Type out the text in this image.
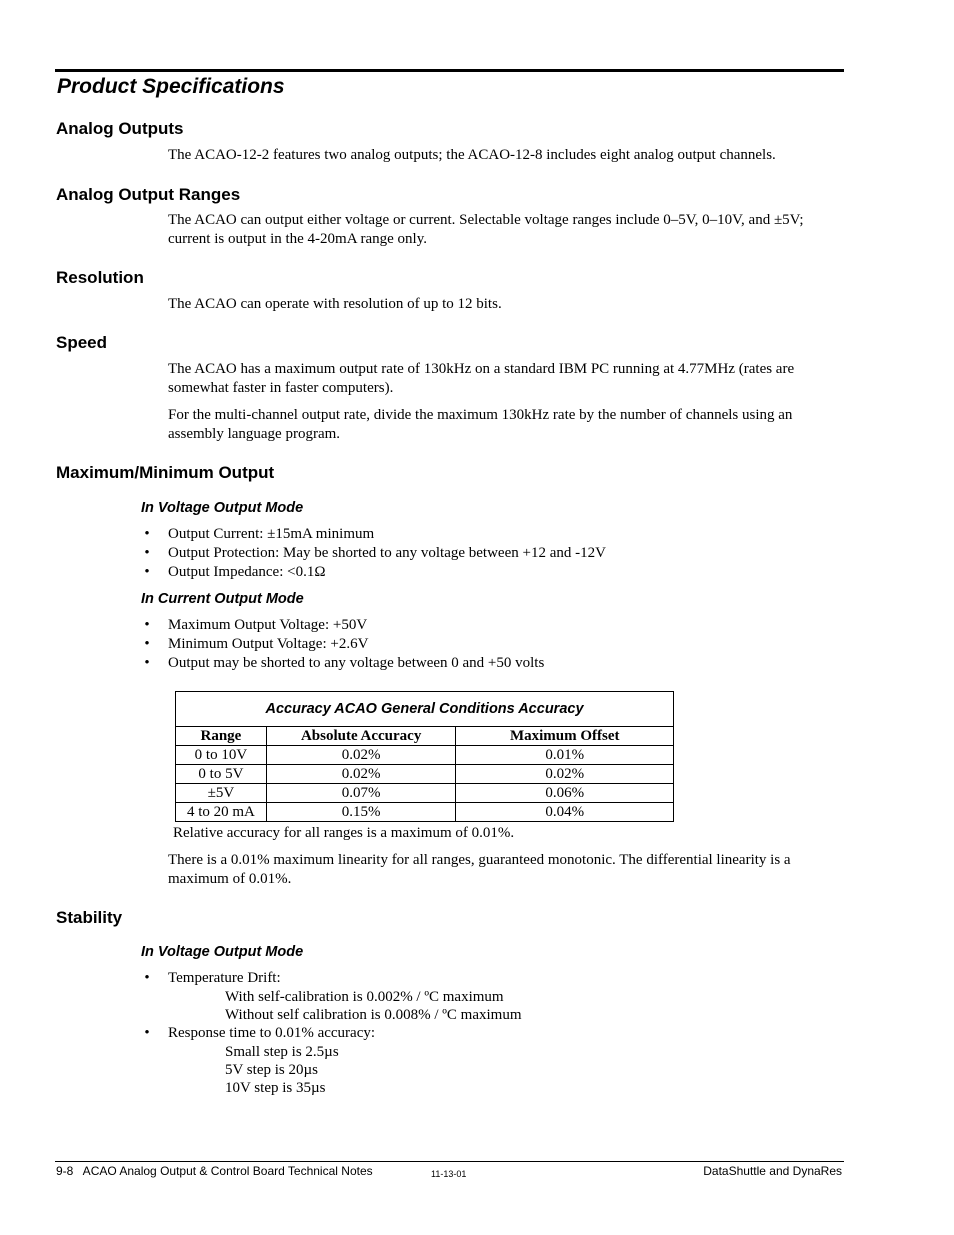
Product Specifications
Analog Outputs

The ACAO-12-2 features two analog outputs; the ACAO-12-8 includes eight analog output channels.

Analog Output Ranges

The ACAO can output either voltage or current. Selectable voltage ranges include 0–5V, 0–10V, and ±5V; current is output in the 4-20mA range only.

Resolution

The ACAO can operate with resolution of up to 12 bits.

Speed

The ACAO has a maximum output rate of 130kHz on a standard IBM PC running at 4.77MHz (rates are somewhat faster in faster computers).

For the multi-channel output rate, divide the maximum 130kHz rate by the number of channels using an assembly language program.

Maximum/Minimum Output
In Voltage Output Mode
• Output Current: ±15mA minimum
• Output Protection: May be shorted to any voltage between +12 and -12V
• Output Impedance: <0.1Ω
In Current Output Mode
• Maximum Output Voltage: +50V
• Minimum Output Voltage: +2.6V
• Output may be shorted to any voltage between 0 and +50 volts
Accuracy ACAO General Conditions Accuracy		
Range	Absolute Accuracy	Maximum Offset
0 to 10V	0.02%	0.01%
0 to 5V	0.02%	0.02%
±5V	0.07%	0.06%
4 to 20 mA	0.15%	0.04%

Relative accuracy for all ranges is a maximum of 0.01%.

There is a 0.01% maximum linearity for all ranges, guaranteed monotonic. The differential linearity is a maximum of 0.01%.

Stability
In Voltage Output Mode
• Temperature Drift:
With self-calibration is 0.002% / ºC maximum
Without self calibration is 0.008% / ºC maximum
• Response time to 0.01% accuracy:
Small step is 2.5µs
5V step is 20µs
10V step is 35µs

9-8   ACAO Analog Output & Control Board Technical Notes	11-13-01	DataShuttle and DynaRes
